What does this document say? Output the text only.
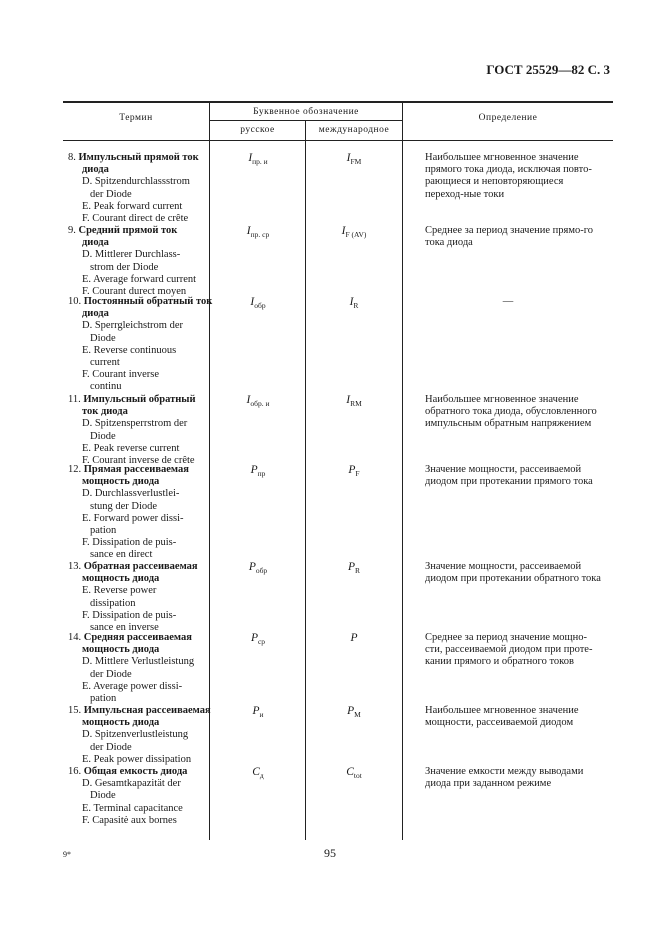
ГОСТ 25529—82 С. 3
Термин
Буквенное обозначение
русское	международное
Определение
8. Импульсный прямой ток
диода
D. Spitzendurchlassstrom
der Diode
E. Peak forward current
F. Courant direct de crête
$I_{пр. и}$	$I_{FM}$	Наибольшее мгновенное значение прямого тока диода, исключая повто-рающиеся и неповторяющиеся переход-ные токи
9. Средний прямой ток
диода
D. Mittlerer Durchlass-
strom der Diode
E. Average forward current
F. Courant durect moyen
$I_{пр. ср}$	$I_{F (AV)}$	Среднее за период значение прямо-го тока диода
10. Постоянный обратный ток
диода
D. Sperrgleichstrom der
Diode
E. Reverse continuous
current
F. Courant inverse
continu
$I_{обр}$	$I_R$	—
11. Импульсный обратный
ток диода
D. Spitzensperrstrom der
Diode
E. Peak reverse current
F. Courant inverse de crête
$I_{обр. и}$	$I_{RM}$	Наибольшее мгновенное значение обратного тока диода, обусловленного импульсным обратным напряжением
12. Прямая рассеиваемая
мощность диода
D. Durchlassverlustlei-
stung der Diode
E. Forward power dissi-
pation
F. Dissipation de puis-
sance en direct
$P_{пр}$	$P_F$	Значение мощности, рассеиваемой диодом при протекании прямого тока
13. Обратная рассеиваемая
мощность диода
E. Reverse power
dissipation
F. Dissipation de puis-
sance en inverse
$P_{обр}$	$P_R$	Значение мощности, рассеиваемой диодом при протекании обратного тока
14. Средняя рассеиваемая
мощность диода
D. Mittlere Verlustleistung
der Diode
E. Average power dissi-
pation
$P_{ср}$	P	Среднее за период значение мощно-сти, рассеиваемой диодом при проте-кании прямого и обратного токов
15. Импульсная рассеиваемая
мощность диода
D. Spitzenverlustleistung
der Diode
E. Peak power dissipation
$P_и$	$P_M$	Наибольшее мгновенное значение мощности, рассеиваемой диодом
16. Общая емкость диода
D. Gesamtkapazität der
Diode
E. Terminal capacitance
F. Capasitė aux bornes
$C_д$	$C_{tot}$	Значение емкости между выводами диода при заданном режиме
9*	95
